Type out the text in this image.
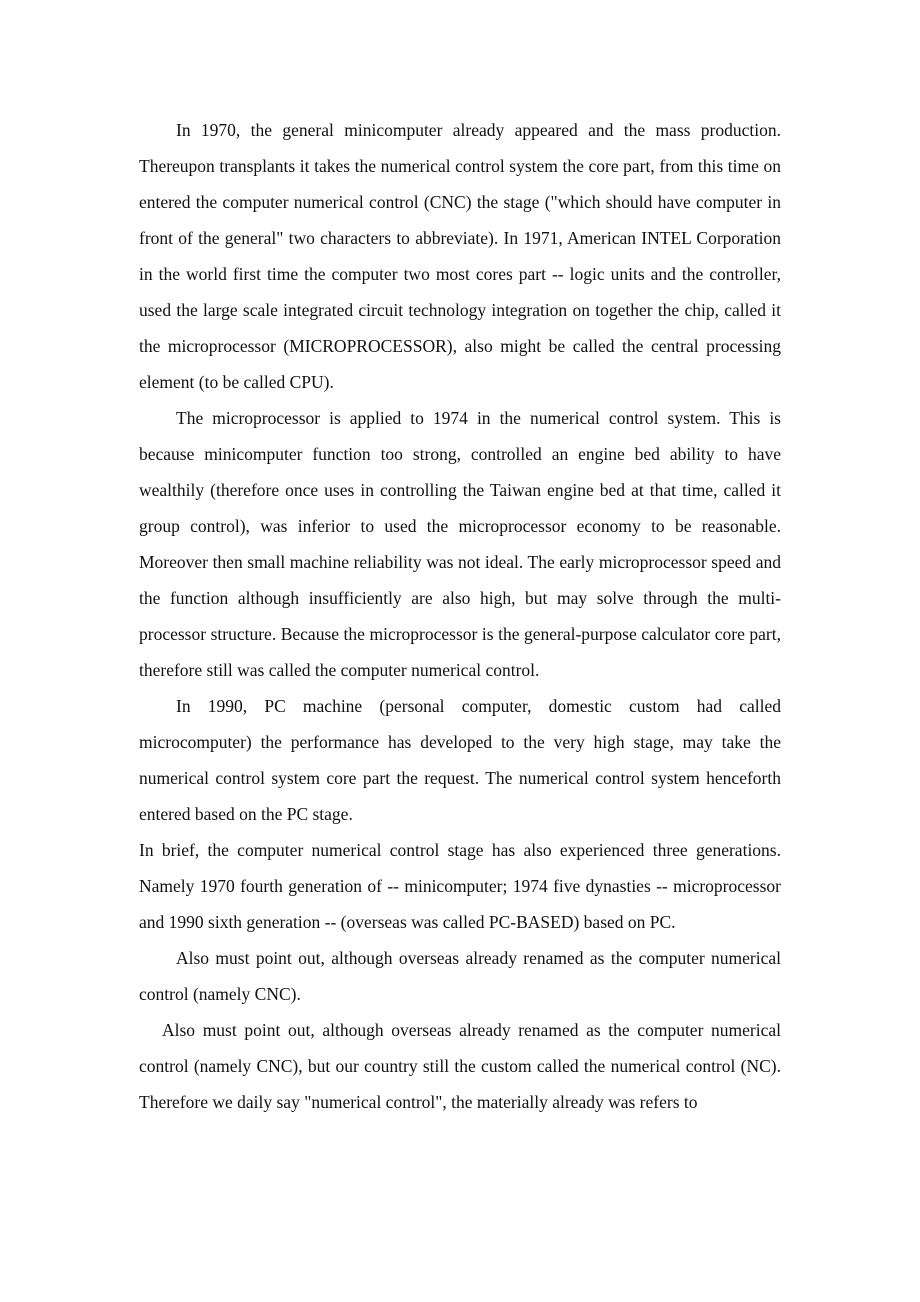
In 1970, the general minicomputer already appeared and the mass production. Thereupon transplants it takes the numerical control system the core part, from this time on entered the computer numerical control (CNC) the stage ("which should have computer in front of the general" two characters to abbreviate). In 1971, American INTEL Corporation in the world first time the computer two most cores part -- logic units and the controller, used the large scale integrated circuit technology integration on together the chip, called it the microprocessor (MICROPROCESSOR), also might be called the central processing element (to be called CPU).

The microprocessor is applied to 1974 in the numerical control system. This is because minicomputer function too strong, controlled an engine bed ability to have wealthily (therefore once uses in controlling the Taiwan engine bed at that time, called it group control), was inferior to used the microprocessor economy to be reasonable. Moreover then small machine reliability was not ideal. The early microprocessor speed and the function although insufficiently are also high, but may solve through the multi-processor structure. Because the microprocessor is the general-purpose calculator core part, therefore still was called the computer numerical control.

In 1990, PC machine (personal computer, domestic custom had called microcomputer) the performance has developed to the very high stage, may take the numerical control system core part the request. The numerical control system henceforth entered based on the PC stage.

In brief, the computer numerical control stage has also experienced three generations. Namely 1970 fourth generation of -- minicomputer; 1974 five dynasties -- microprocessor and 1990 sixth generation -- (overseas was called PC-BASED) based on PC.

Also must point out, although overseas already renamed as the computer numerical control (namely CNC).

Also must point out, although overseas already renamed as the computer numerical control (namely CNC), but our country still the custom called the numerical control (NC). Therefore we daily say "numerical control", the materially already was refers to
